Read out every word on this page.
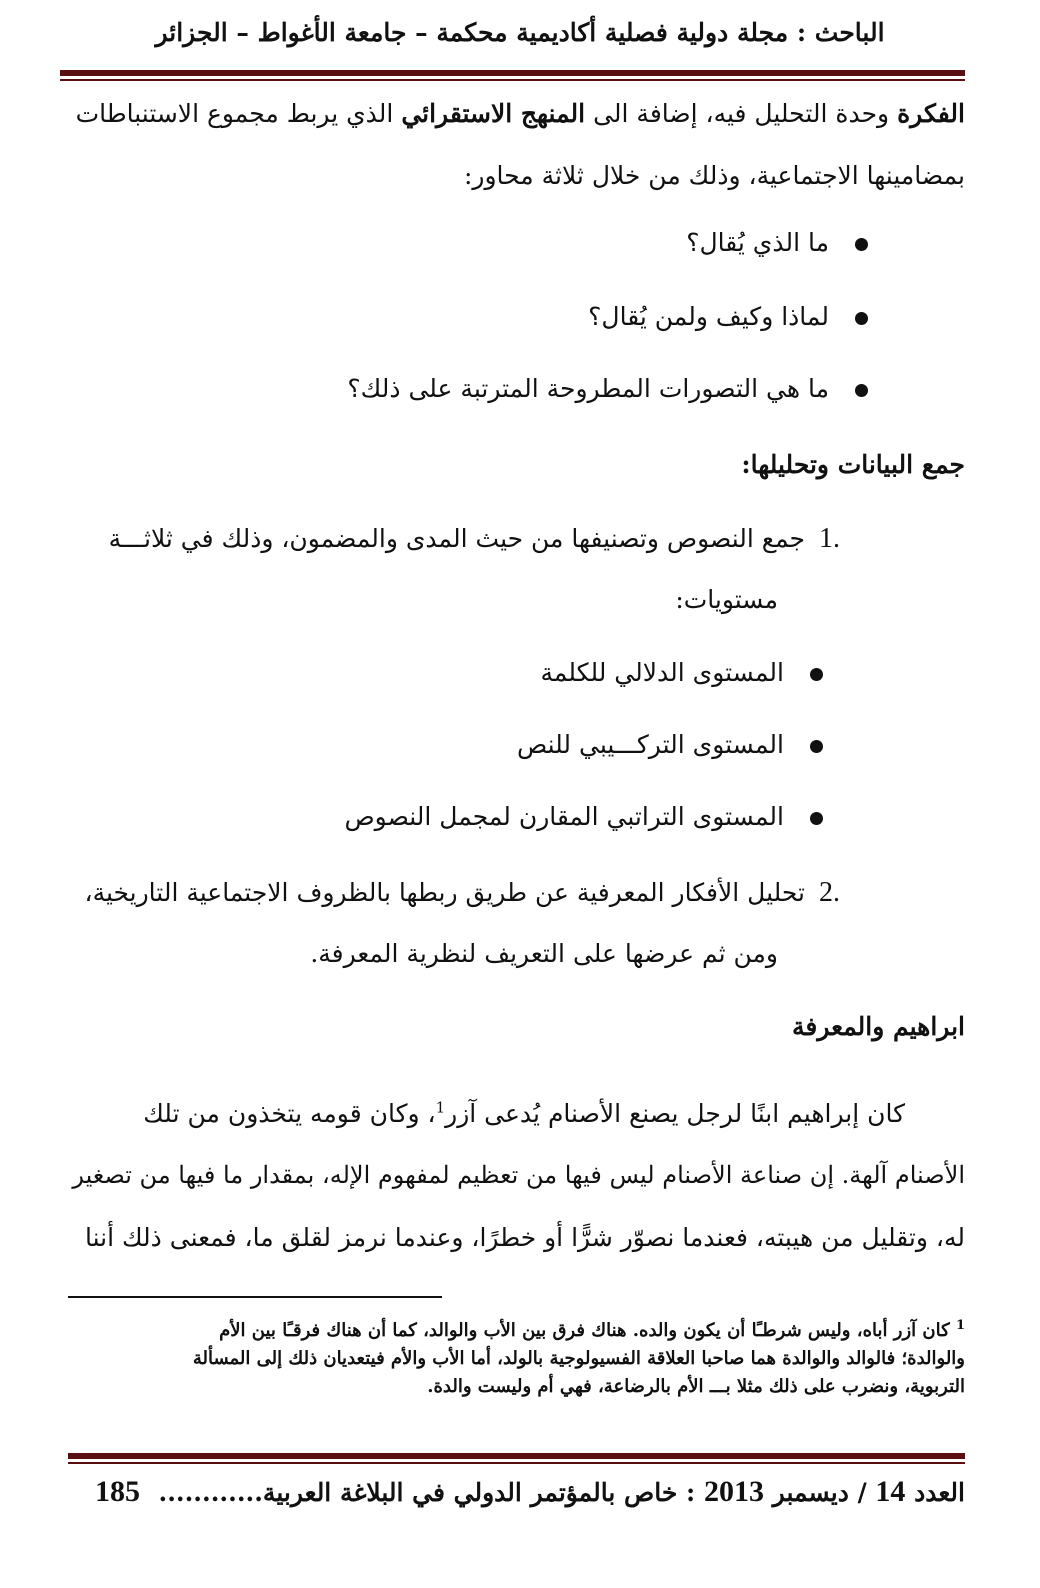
الباحث : مجلة دولية فصلية أكاديمية محكمة – جامعة الأغواط – الجزائر
الفكرة وحدة التحليل فيه، إضافة الى المنهج الاستقرائي الذي يربط مجموع الاستنباطات
بمضامينها الاجتماعية، وذلك من خلال ثلاثة محاور:
ما الذي يُقال؟
لماذا وكيف ولمن يُقال؟
ما هي التصورات المطروحة المترتبة على ذلك؟
جمع البيانات وتحليلها:
1.جمع النصوص وتصنيفها من حيث المدى والمضمون، وذلك في ثلاثـــة
مستويات:
المستوى الدلالي للكلمة
المستوى التركـــيبي للنص
المستوى التراتبي المقارن لمجمل النصوص
2.تحليل الأفكار المعرفية عن طريق ربطها بالظروف الاجتماعية التاريخية،
ومن ثم عرضها على التعريف لنظرية المعرفة.
ابراهيم والمعرفة
كان إبراهيم ابنًا لرجل يصنع الأصنام يُدعى آزر$^1$، وكان قومه يتخذون من تلك
الأصنام آلهة. إن صناعة الأصنام ليس فيها من تعظيم لمفهوم الإله، بمقدار ما فيها من تصغير
له، وتقليل من هيبته، فعندما نصوّر شرًّا أو خطرًا، وعندما نرمز لقلق ما، فمعنى ذلك أننا
$^1$ كان آزر أباه، وليس شرطـًا أن يكون والده. هناك فرق بين الأب والوالد، كما أن هناك فرقـًا بين الأم
والوالدة؛ فالوالد والوالدة هما صاحبا العلاقة الفسيولوجية بالولد، أما الأب والأم فيتعديان ذلك إلى المسألة
التربوية، ونضرب على ذلك مثلا بـــ الأم بالرضاعة، فهي أم وليست والدة.
العدد 14 / ديسمبر 2013 : خاص بالمؤتمر الدولي في البلاغة العربية............
185
